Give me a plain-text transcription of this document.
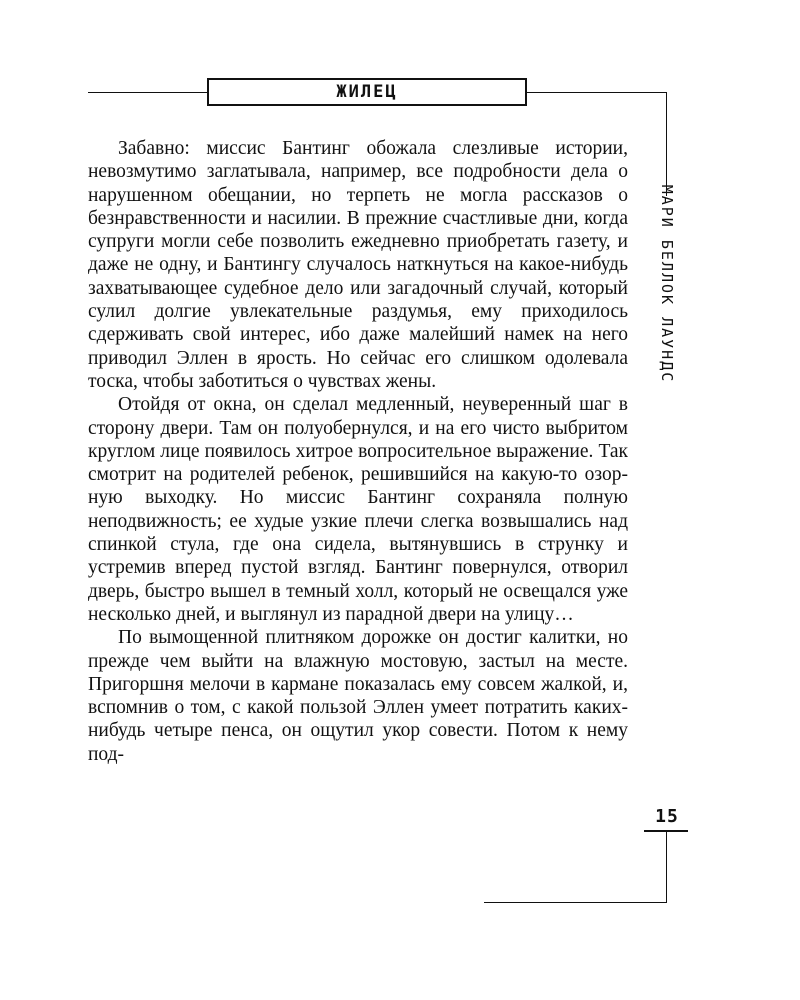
ЖИЛЕЦ
МАРИ БЕЛЛОК ЛАУНДС

Забавно: миссис Бантинг обожала слезливые истории, невозмутимо заглатывала, например, все подробности дела о нарушенном обещании, но терпеть не могла рассказов о безнравственности и насилии. В прежние счастливые дни, когда супруги могли себе позволить ежедневно приобретать газету, и даже не одну, и Бантингу случалось наткнуться на какое-нибудь захватывающее судебное дело или загадочный случай, который сулил долгие увлекательные раздумья, ему приходилось сдерживать свой интерес, ибо даже малейший намек на него приводил Эллен в ярость. Но сейчас его слишком одолевала тоска, чтобы заботиться о чувствах жены.

Отойдя от окна, он сделал медленный, неуверенный шаг в сторону двери. Там он полуобернулся, и на его чисто выбритом круглом лице появилось хитрое вопросительное выражение. Так смотрит на родителей ребенок, решившийся на какую-то озорную выходку. Но миссис Бантинг сохраняла полную неподвижность; ее худые узкие плечи слегка возвышались над спинкой стула, где она сидела, вытянувшись в струнку и устремив вперед пустой взгляд. Бантинг повернулся, отворил дверь, быстро вышел в темный холл, который не освещался уже несколько дней, и выглянул из парадной двери на улицу…

По вымощенной плитняком дорожке он достиг калитки, но прежде чем выйти на влажную мостовую, застыл на месте. Пригоршня мелочи в кармане показалась ему совсем жалкой, и, вспомнив о том, с какой пользой Эллен умеет потратить каких-нибудь четыре пенса, он ощутил укор совести. Потом к нему под-

15
